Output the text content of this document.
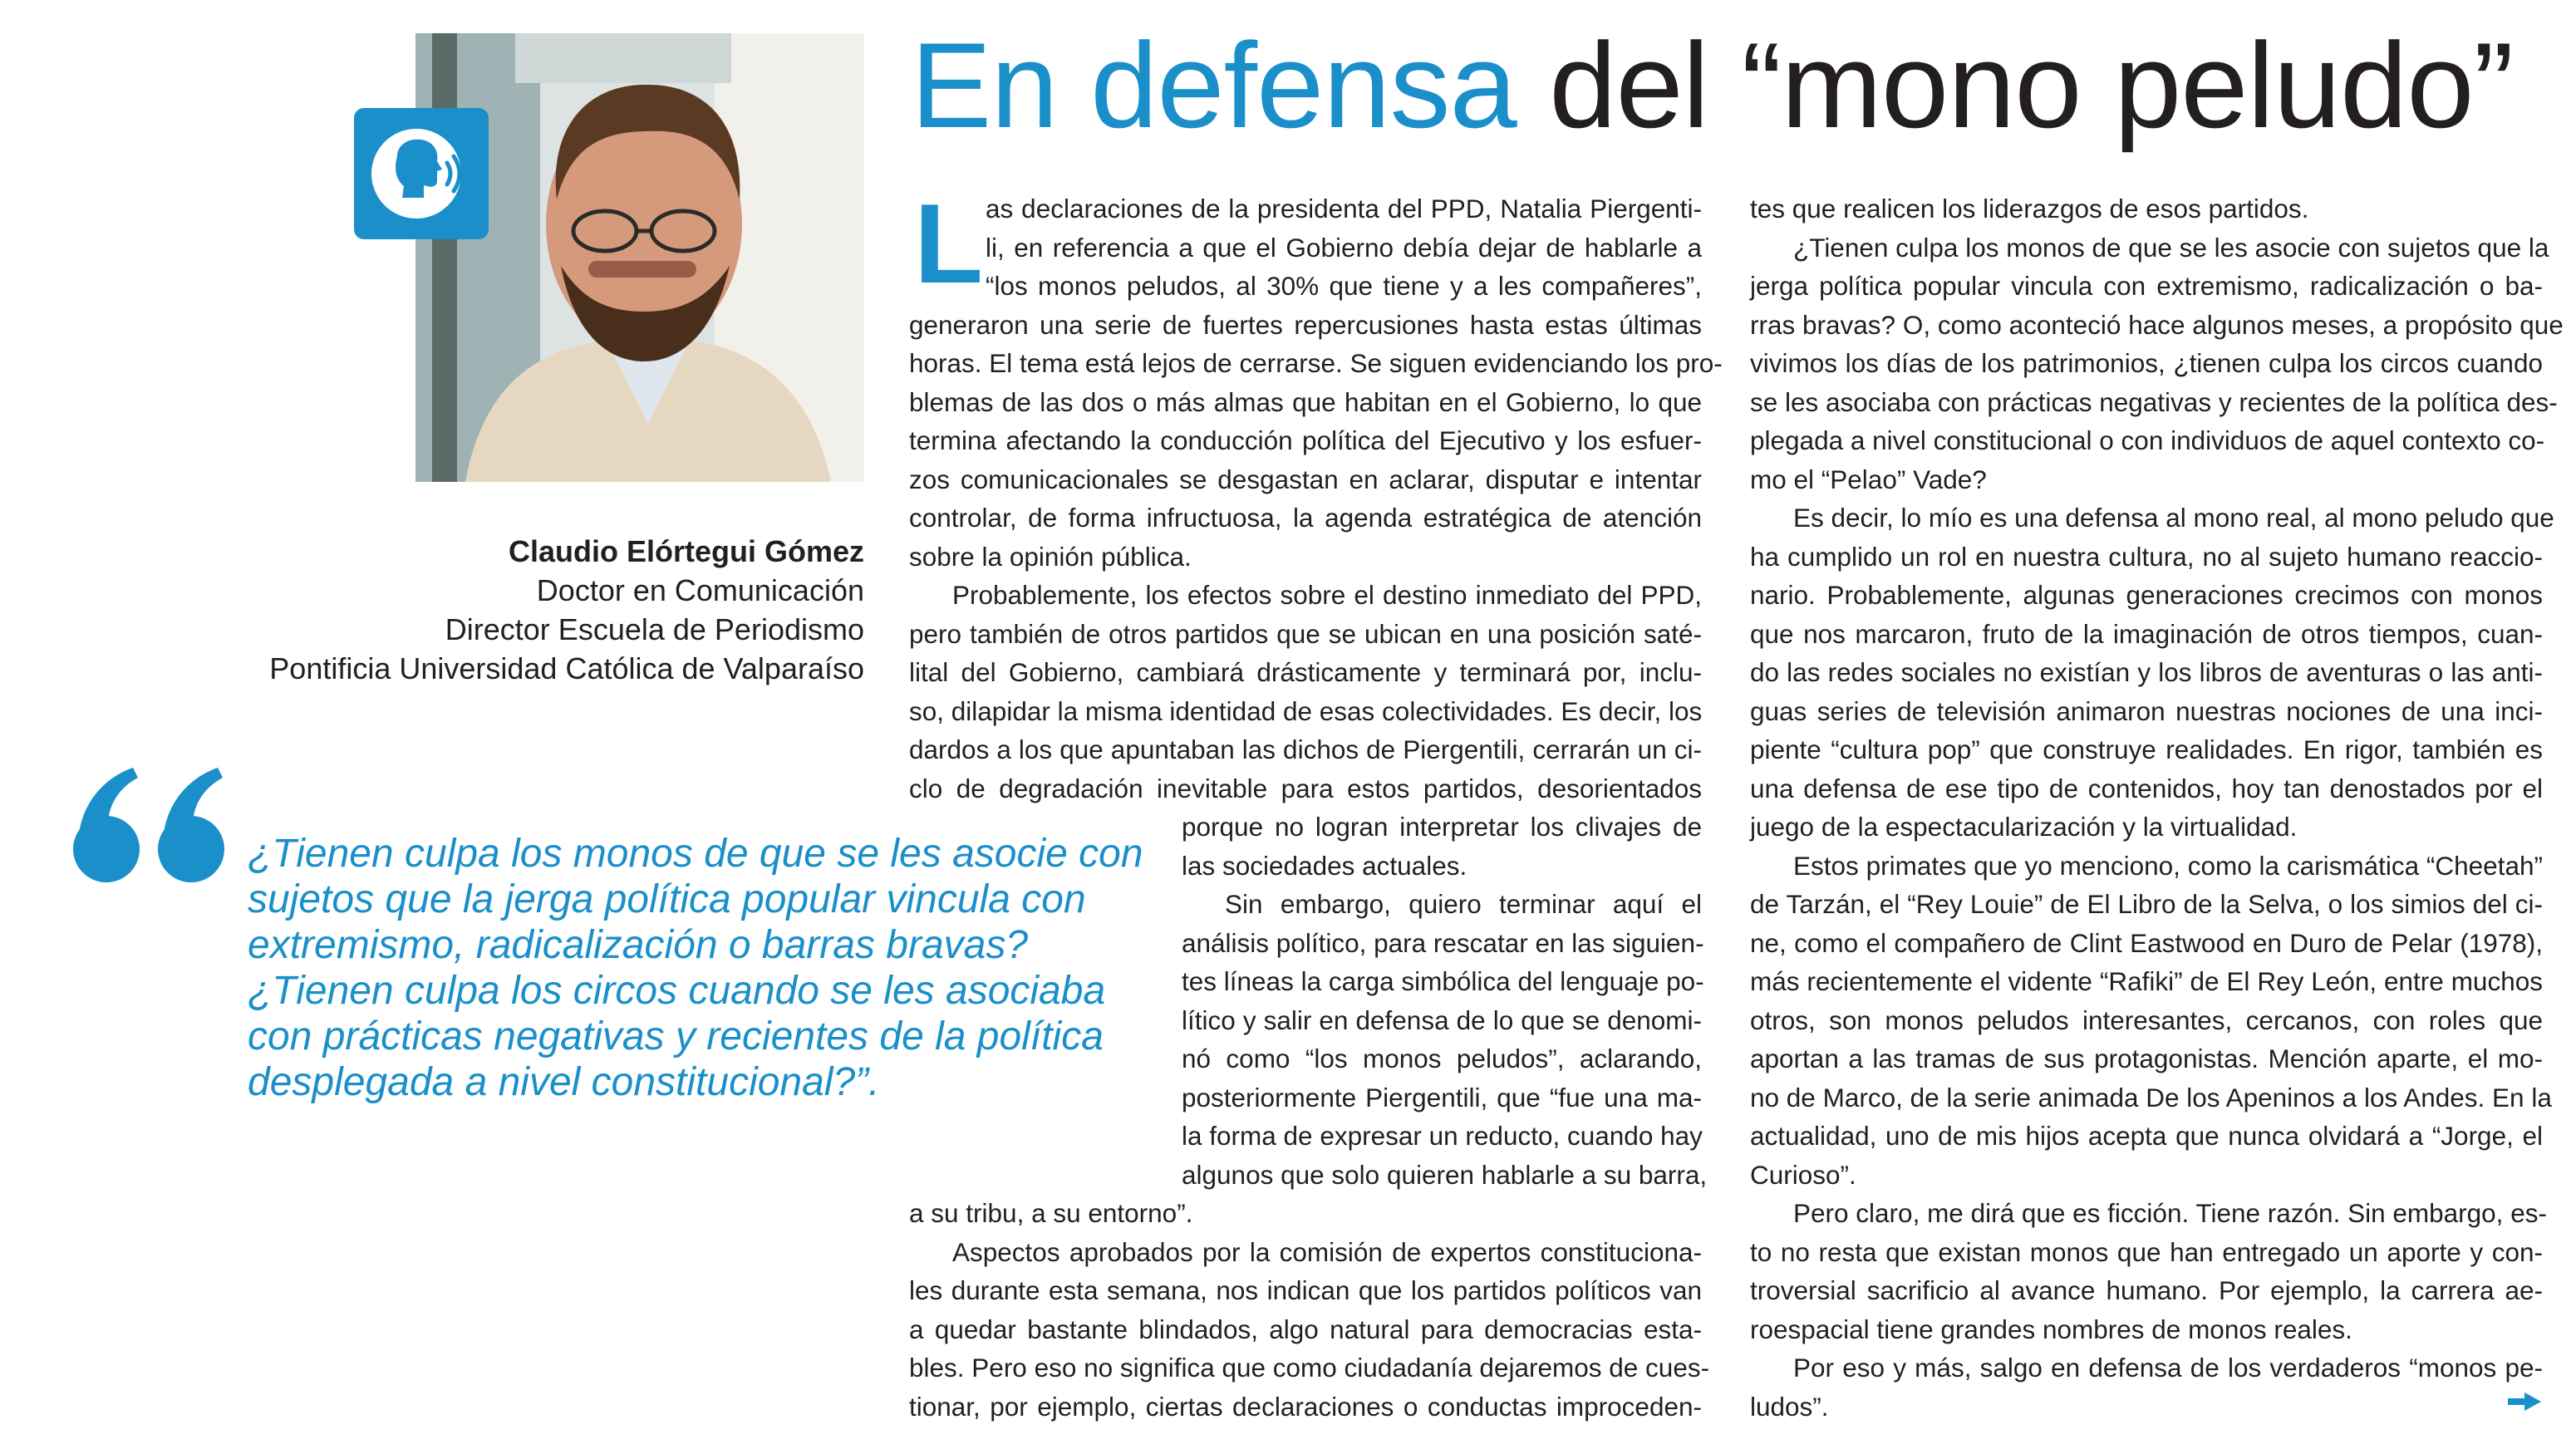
En defensa del “mono peludo”
Claudio Elórtegui Gómez
Doctor en Comunicación
Director Escuela de Periodismo
Pontificia Universidad Católica de Valparaíso

¿Tienen culpa los monos de que se les asocie con

sujetos que la jerga política popular vincula con

extremismo, radicalización o barras bravas?

¿Tienen culpa los circos cuando se les asociaba

con prácticas negativas y recientes de la política

desplegada a nivel constitucional?”.

L as declaraciones de la presidenta del PPD, Natalia Piergenti-

li, en referencia a que el Gobierno debía dejar de hablarle a

“los monos peludos, al 30% que tiene y a les compañeres”,

generaron una serie de fuertes repercusiones hasta estas últimas

horas. El tema está lejos de cerrarse. Se siguen evidenciando los pro-

blemas de las dos o más almas que habitan en el Gobierno, lo que

termina afectando la conducción política del Ejecutivo y los esfuer-

zos comunicacionales se desgastan en aclarar, disputar e intentar

controlar, de forma infructuosa, la agenda estratégica de atención

sobre la opinión pública.

Probablemente, los efectos sobre el destino inmediato del PPD,

pero también de otros partidos que se ubican en una posición saté-

lital del Gobierno, cambiará drásticamente y terminará por, inclu-

so, dilapidar la misma identidad de esas colectividades. Es decir, los

dardos a los que apuntaban las dichos de Piergentili, cerrarán un ci-

clo de degradación inevitable para estos partidos, desorientados

porque no logran interpretar los clivajes de

las sociedades actuales.

Sin embargo, quiero terminar aquí el

análisis político, para rescatar en las siguien-

tes líneas la carga simbólica del lenguaje po-

lítico y salir en defensa de lo que se denomi-

nó como “los monos peludos”, aclarando,

posteriormente Piergentili, que “fue una ma-

la forma de expresar un reducto, cuando hay

algunos que solo quieren hablarle a su barra,

a su tribu, a su entorno”.

Aspectos aprobados por la comisión de expertos constituciona-

les durante esta semana, nos indican que los partidos políticos van

a quedar bastante blindados, algo natural para democracias esta-

bles. Pero eso no significa que como ciudadanía dejaremos de cues-

tionar, por ejemplo, ciertas declaraciones o conductas improceden-

tes que realicen los liderazgos de esos partidos.

¿Tienen culpa los monos de que se les asocie con sujetos que la

jerga política popular vincula con extremismo, radicalización o ba-

rras bravas? O, como aconteció hace algunos meses, a propósito que

vivimos los días de los patrimonios, ¿tienen culpa los circos cuando

se les asociaba con prácticas negativas y recientes de la política des-

plegada a nivel constitucional o con individuos de aquel contexto co-

mo el “Pelao” Vade?

Es decir, lo mío es una defensa al mono real, al mono peludo que

ha cumplido un rol en nuestra cultura, no al sujeto humano reaccio-

nario. Probablemente, algunas generaciones crecimos con monos

que nos marcaron, fruto de la imaginación de otros tiempos, cuan-

do las redes sociales no existían y los libros de aventuras o las anti-

guas series de televisión animaron nuestras nociones de una inci-

piente “cultura pop” que construye realidades. En rigor, también es

una defensa de ese tipo de contenidos, hoy tan denostados por el

juego de la espectacularización y la virtualidad.

Estos primates que yo menciono, como la carismática “Cheetah”

de Tarzán, el “Rey Louie” de El Libro de la Selva, o los simios del ci-

ne, como el compañero de Clint Eastwood en Duro de Pelar (1978),

más recientemente el vidente “Rafiki” de El Rey León, entre muchos

otros, son monos peludos interesantes, cercanos, con roles que

aportan a las tramas de sus protagonistas. Mención aparte, el mo-

no de Marco, de la serie animada De los Apeninos a los Andes. En la

actualidad, uno de mis hijos acepta que nunca olvidará a “Jorge, el

Curioso”.

Pero claro, me dirá que es ficción. Tiene razón. Sin embargo, es-

to no resta que existan monos que han entregado un aporte y con-

troversial sacrificio al avance humano. Por ejemplo, la carrera ae-

roespacial tiene grandes nombres de monos reales.

Por eso y más, salgo en defensa de los verdaderos “monos pe-

ludos”.
